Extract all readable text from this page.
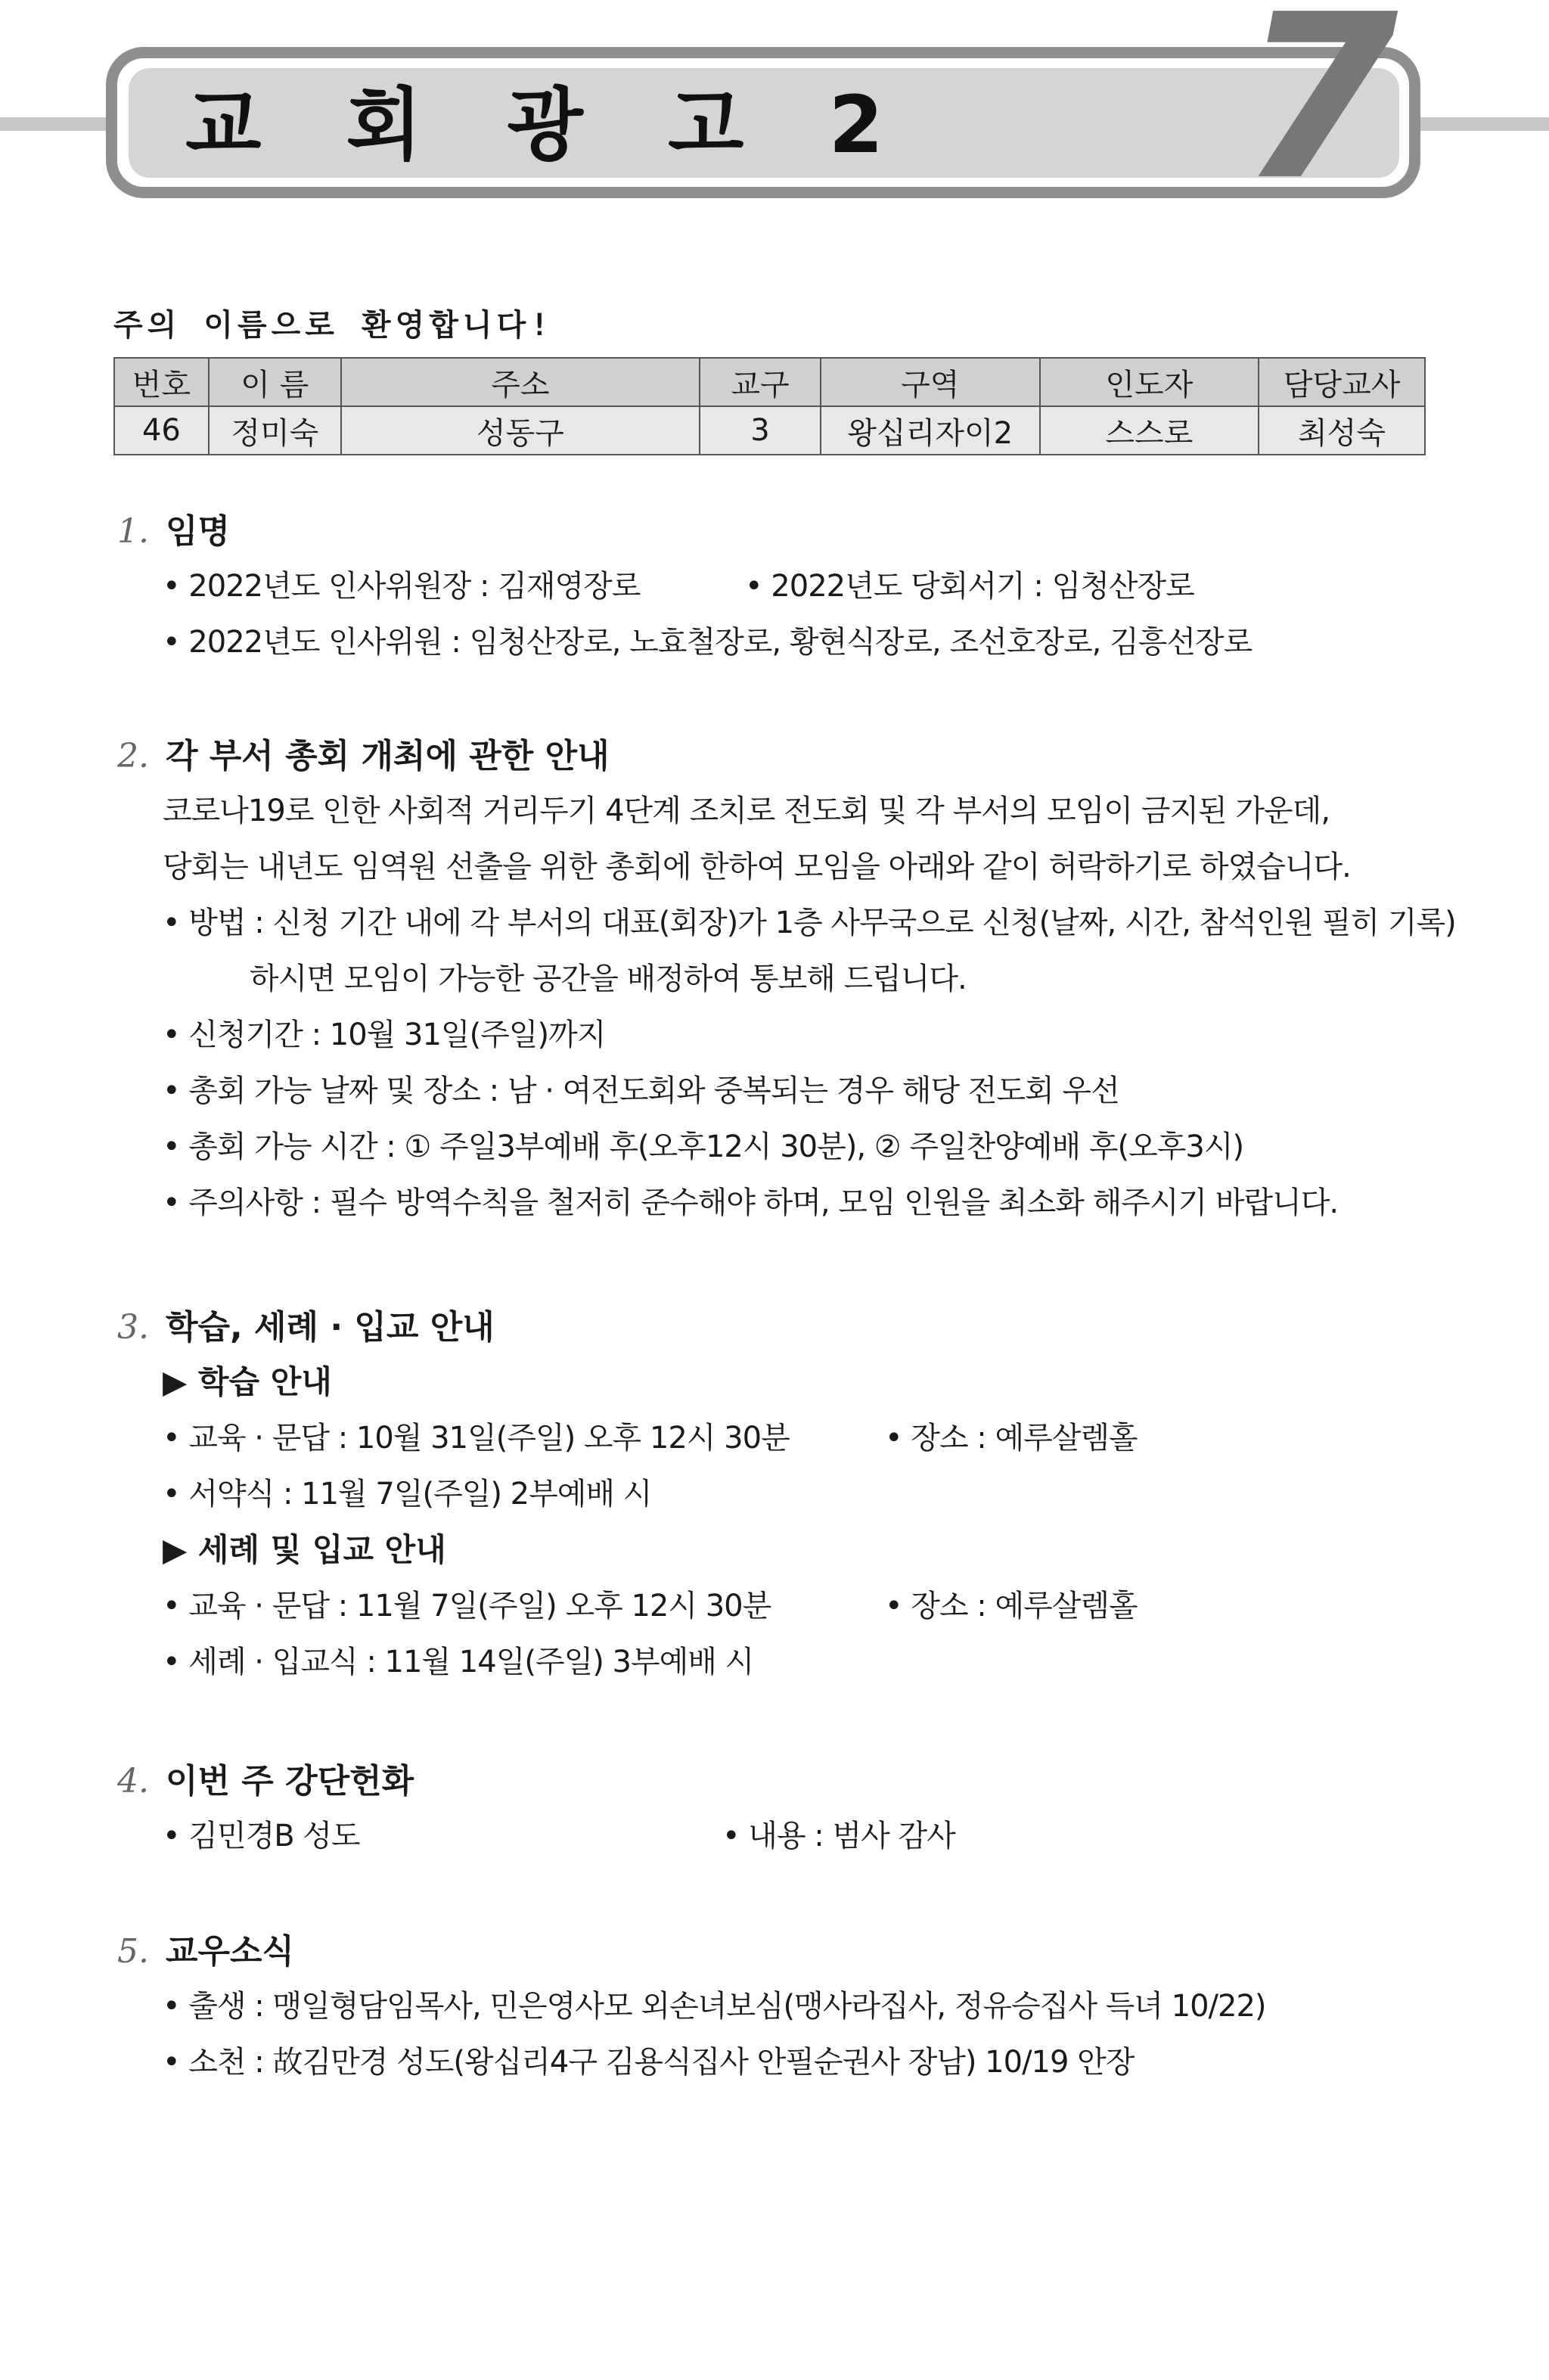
교 회 광 고 2 7
주의 이름으로 환영합니다!
번호	이 름	주소	교구	구역	인도자	담당교사
46	정미숙	성동구	3	왕십리자이2	스스로	최성숙
1. 임명
• 2022년도 인사위원장 : 김재영장로	• 2022년도 당회서기 : 임청산장로
• 2022년도 인사위원 : 임청산장로, 노효철장로, 황현식장로, 조선호장로, 김흥선장로
2. 각 부서 총회 개최에 관한 안내
코로나19로 인한 사회적 거리두기 4단계 조치로 전도회 및 각 부서의 모임이 금지된 가운데,
당회는 내년도 임역원 선출을 위한 총회에 한하여 모임을 아래와 같이 허락하기로 하였습니다.
• 방법 : 신청 기간 내에 각 부서의 대표(회장)가 1층 사무국으로 신청(날짜, 시간, 참석인원 필히 기록)
하시면 모임이 가능한 공간을 배정하여 통보해 드립니다.
• 신청기간 : 10월 31일(주일)까지
• 총회 가능 날짜 및 장소 : 남 · 여전도회와 중복되는 경우 해당 전도회 우선
• 총회 가능 시간 : ① 주일3부예배 후(오후12시 30분), ② 주일찬양예배 후(오후3시)
• 주의사항 : 필수 방역수칙을 철저히 준수해야 하며, 모임 인원을 최소화 해주시기 바랍니다.
3. 학습, 세례 · 입교 안내
▶ 학습 안내
• 교육 · 문답 : 10월 31일(주일) 오후 12시 30분	• 장소 : 예루살렘홀
• 서약식 : 11월 7일(주일) 2부예배 시
▶ 세례 및 입교 안내
• 교육 · 문답 : 11월 7일(주일) 오후 12시 30분	• 장소 : 예루살렘홀
• 세례 · 입교식 : 11월 14일(주일) 3부예배 시
4. 이번 주 강단헌화
• 김민경B 성도	• 내용 : 범사 감사
5. 교우소식
• 출생 : 맹일형담임목사, 민은영사모 외손녀보심(맹사라집사, 정유승집사 득녀 10/22)
• 소천 : 故김만경 성도(왕십리4구 김용식집사 안필순권사 장남) 10/19 안장
